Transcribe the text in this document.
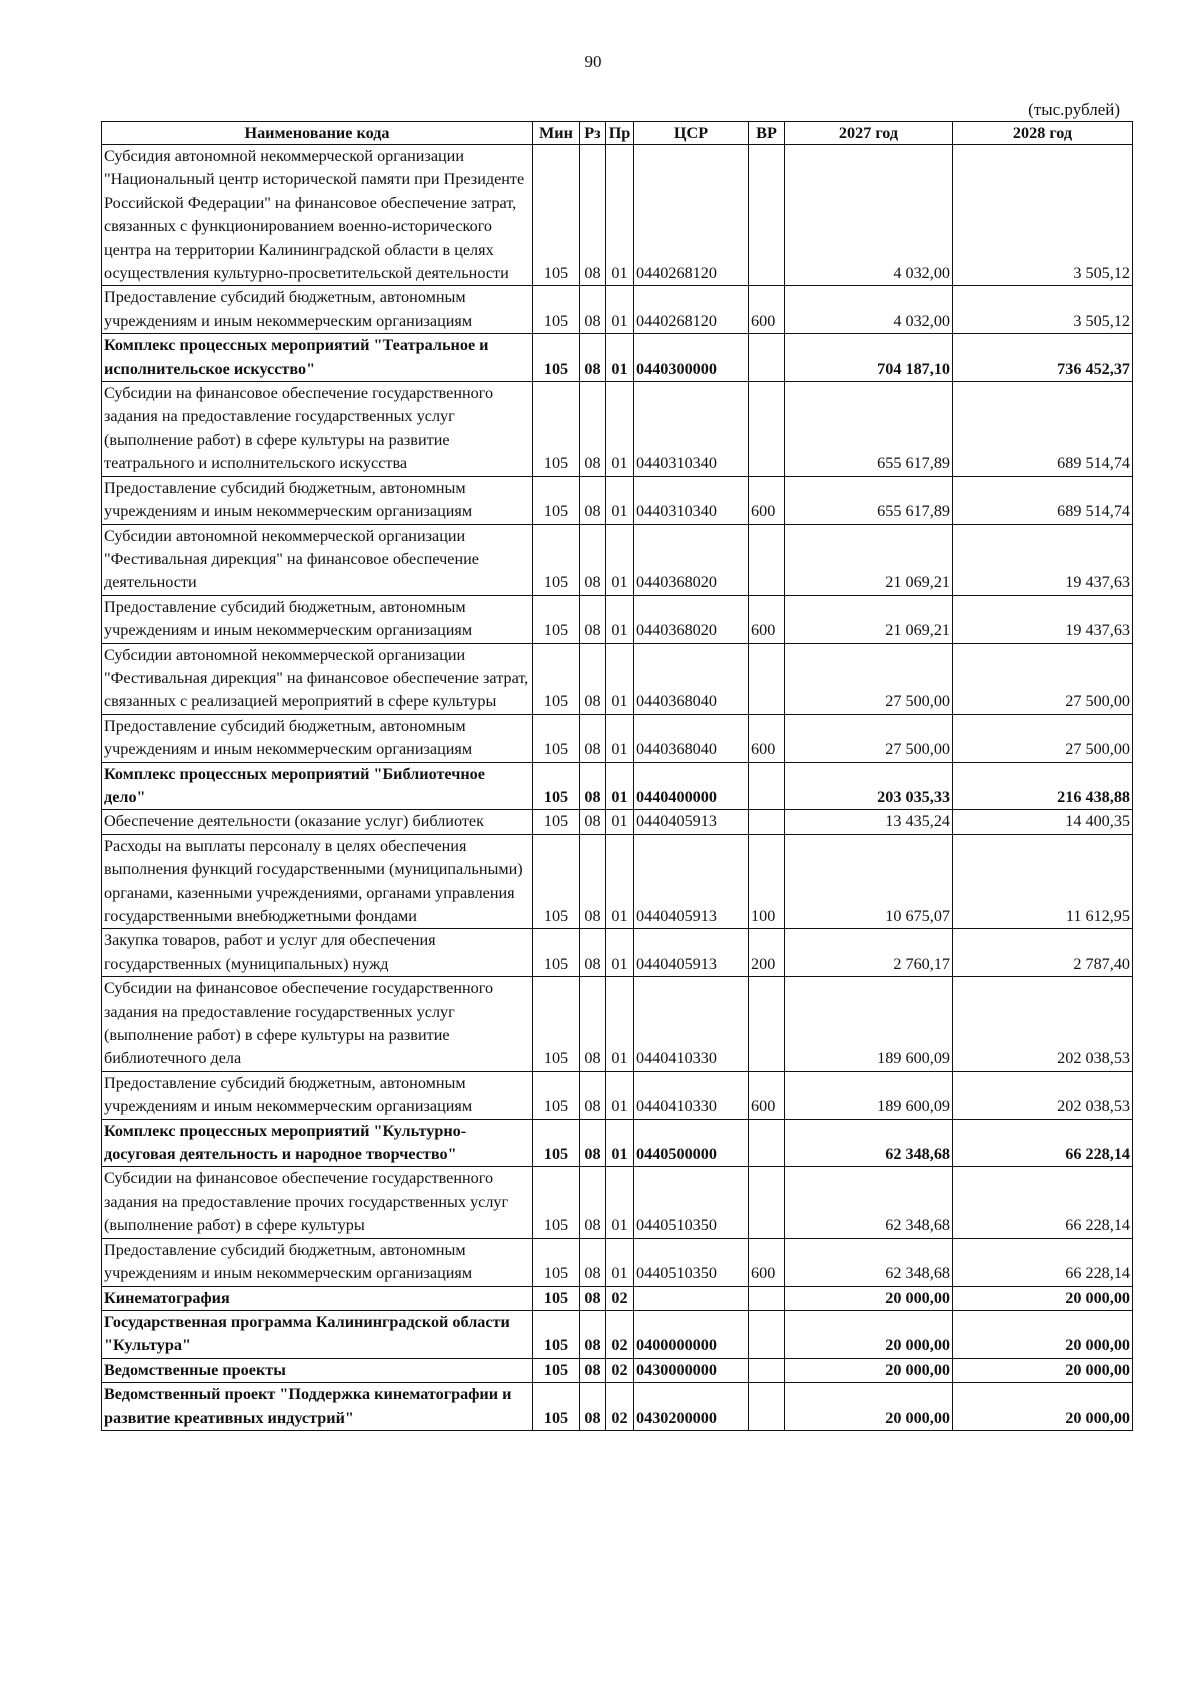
90
(тыс.рублей)
Наименование кода	Мин	Рз	Пр	ЦСР	ВР	2027 год	2028 год
Субсидия автономной некоммерческой организации "Национальный центр исторической памяти при Президенте Российской Федерации" на финансовое обеспечение затрат, связанных с функционированием военно-исторического центра на территории Калининградской области в целях осуществления культурно-просветительской деятельности	105	08	01	0440268120		4 032,00	3 505,12
Предоставление субсидий бюджетным, автономным учреждениям и иным некоммерческим организациям	105	08	01	0440268120	600	4 032,00	3 505,12
Комплекс процессных мероприятий "Театральное и исполнительское искусство"	105	08	01	0440300000		704 187,10	736 452,37
Субсидии на финансовое обеспечение государственного задания на предоставление государственных услуг (выполнение работ) в сфере культуры на развитие театрального и исполнительского искусства	105	08	01	0440310340		655 617,89	689 514,74
Предоставление субсидий бюджетным, автономным учреждениям и иным некоммерческим организациям	105	08	01	0440310340	600	655 617,89	689 514,74
Субсидии автономной некоммерческой организации "Фестивальная дирекция" на финансовое обеспечение деятельности	105	08	01	0440368020		21 069,21	19 437,63
Предоставление субсидий бюджетным, автономным учреждениям и иным некоммерческим организациям	105	08	01	0440368020	600	21 069,21	19 437,63
Субсидии автономной некоммерческой организации "Фестивальная дирекция" на финансовое обеспечение затрат, связанных с реализацией мероприятий в сфере культуры	105	08	01	0440368040		27 500,00	27 500,00
Предоставление субсидий бюджетным, автономным учреждениям и иным некоммерческим организациям	105	08	01	0440368040	600	27 500,00	27 500,00
Комплекс процессных мероприятий "Библиотечное дело"	105	08	01	0440400000		203 035,33	216 438,88
Обеспечение деятельности (оказание услуг) библиотек	105	08	01	0440405913		13 435,24	14 400,35
Расходы на выплаты персоналу в целях обеспечения выполнения функций государственными (муниципальными) органами, казенными учреждениями, органами управления государственными внебюджетными фондами	105	08	01	0440405913	100	10 675,07	11 612,95
Закупка товаров, работ и услуг для обеспечения государственных (муниципальных) нужд	105	08	01	0440405913	200	2 760,17	2 787,40
Субсидии на финансовое обеспечение государственного задания на предоставление государственных услуг (выполнение работ) в сфере культуры на развитие библиотечного дела	105	08	01	0440410330		189 600,09	202 038,53
Предоставление субсидий бюджетным, автономным учреждениям и иным некоммерческим организациям	105	08	01	0440410330	600	189 600,09	202 038,53
Комплекс процессных мероприятий "Культурно-досуговая деятельность и народное творчество"	105	08	01	0440500000		62 348,68	66 228,14
Субсидии на финансовое обеспечение государственного задания на предоставление прочих государственных услуг (выполнение работ) в сфере культуры	105	08	01	0440510350		62 348,68	66 228,14
Предоставление субсидий бюджетным, автономным учреждениям и иным некоммерческим организациям	105	08	01	0440510350	600	62 348,68	66 228,14
Кинематография	105	08	02			20 000,00	20 000,00
Государственная программа Калининградской области "Культура"	105	08	02	0400000000		20 000,00	20 000,00
Ведомственные проекты	105	08	02	0430000000		20 000,00	20 000,00
Ведомственный проект "Поддержка кинематографии и развитие креативных индустрий"	105	08	02	0430200000		20 000,00	20 000,00
